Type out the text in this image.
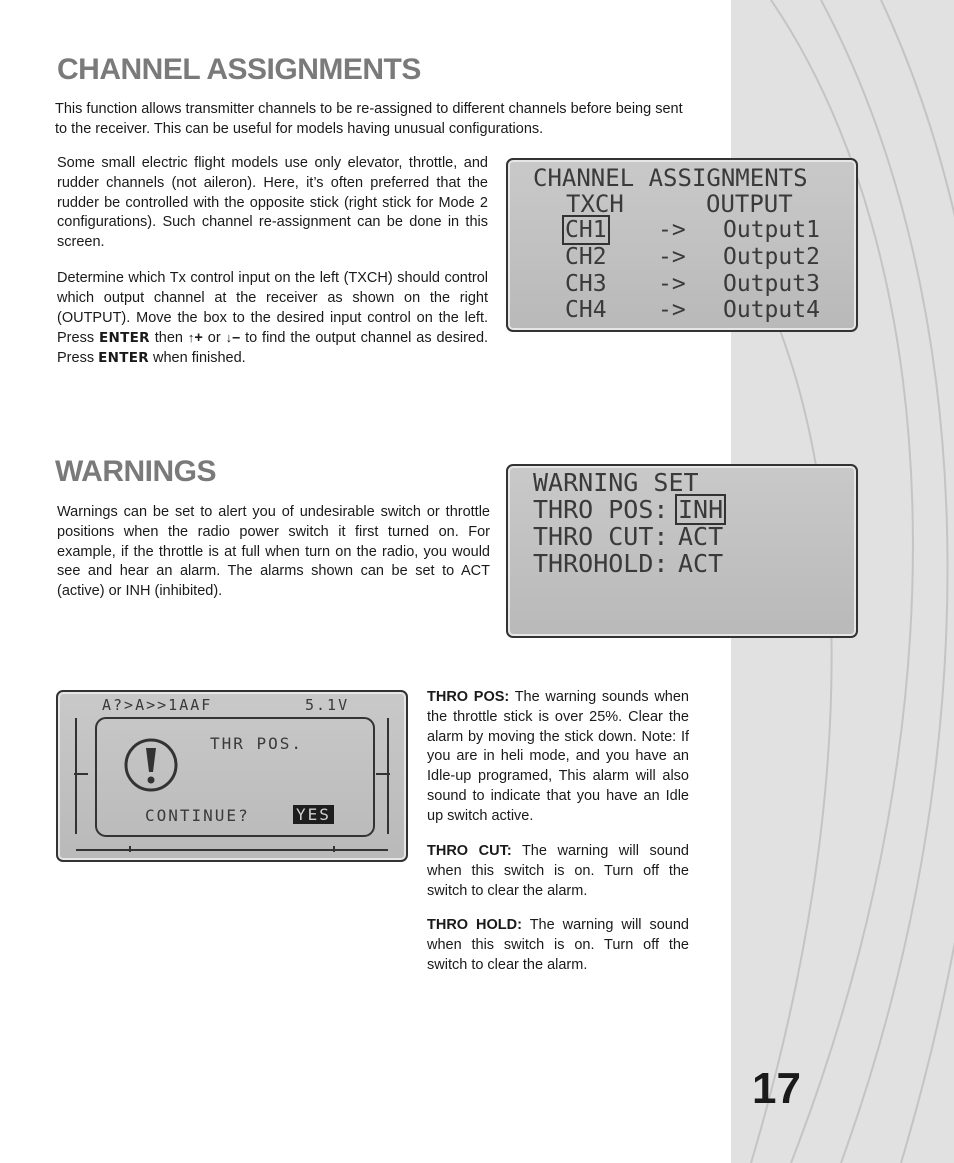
17
CHANNEL ASSIGNMENTS

This function allows transmitter channels to be re-assigned to different channels before being sent to the receiver. This can be useful for models having unusual configurations.

Some small electric flight models use only elevator, throttle, and rudder channels (not aileron). Here, it’s often preferred that the rudder be controlled with the opposite stick (right stick for Mode 2 configurations). Such channel re-assignment can be done in this screen.

Determine which Tx control input on the left (TXCH) should control which output channel at the receiver as shown on the right (OUTPUT). Move the box to the desired input control on the left. Press ENTER then ↑+ or ↓– to find the output channel as desired. Press ENTER when finished.

CHANNEL ASSIGNMENTS
TXCH	OUTPUT
CH1 -> Output1
CH2 -> Output2
CH3 -> Output3
CH4 -> Output4
WARNINGS

Warnings can be set to alert you of undesirable switch or throttle positions when the radio power switch it first turned on. For example, if the throttle is at full when turn on the radio, you would see and hear an alarm. The alarms shown can be set to ACT (active) or INH (inhibited).

WARNING SET
THRO POS: INH
THRO CUT: ACT
THROHOLD: ACT
A?>A>>1AAF	5.1V
THR POS.
CONTINUE?	YES

THRO POS: The warning sounds when the throttle stick is over 25%. Clear the alarm by moving the stick down. Note: If you are in heli mode, and you have an Idle-up programed, This alarm will also sound to indicate that you have an Idle up switch active.

THRO CUT: The warning will sound when this switch is on. Turn off the switch to clear the alarm.

THRO HOLD: The warning will sound when this switch is on. Turn off the switch to clear the alarm.
